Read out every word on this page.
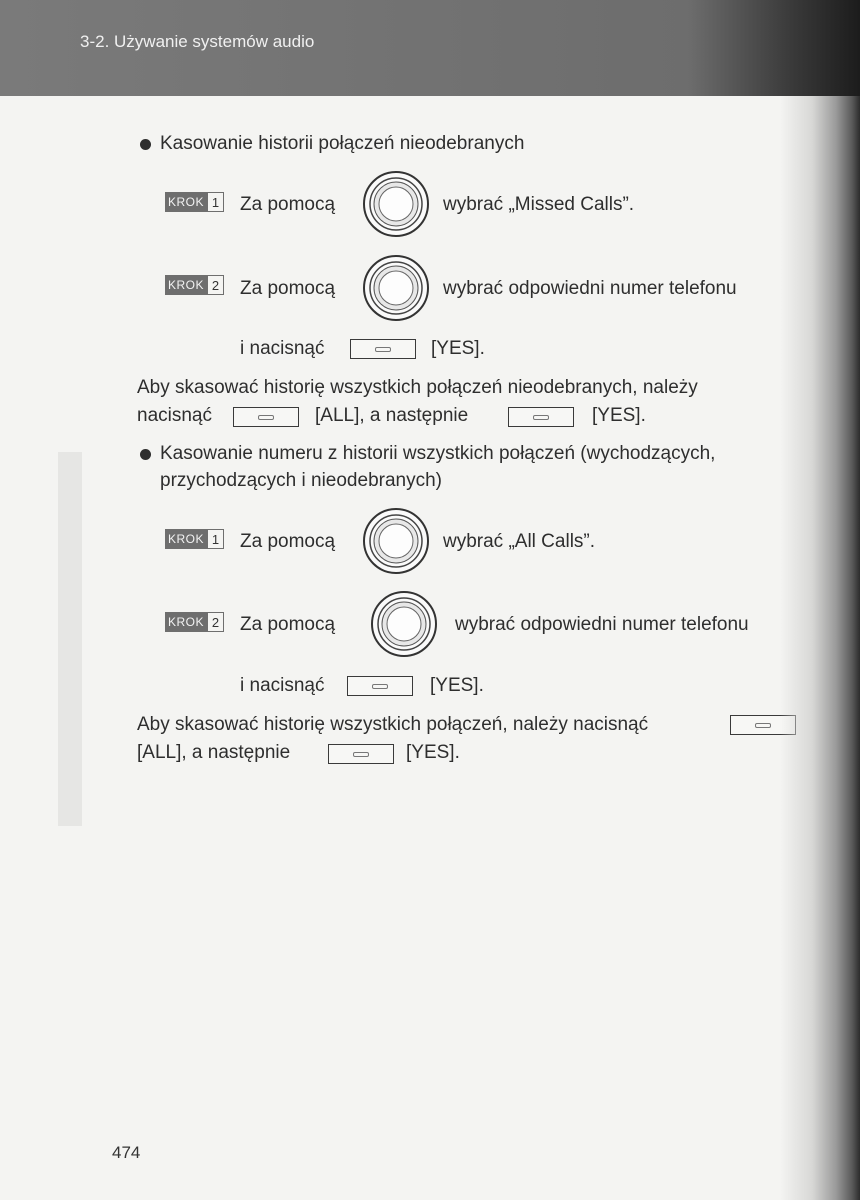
3-2. Używanie systemów audio
Kasowanie historii połączeń nieodebranych
KROK 1 Za pomocą	wybrać „Missed Calls”.
KROK 2 Za pomocą	wybrać odpowiedni numer telefonu
i nacisnąć	[YES].
Aby skasować historię wszystkich połączeń nieodebranych, należy
nacisnąć	[ALL], a następnie	[YES].
Kasowanie numeru z historii wszystkich połączeń (wychodzących,
przychodzących i nieodebranych)
KROK 1 Za pomocą	wybrać „All Calls”.
KROK 2 Za pomocą	wybrać odpowiedni numer telefonu
i nacisnąć	[YES].
Aby skasować historię wszystkich połączeń, należy nacisnąć
[ALL], a następnie	[YES].
474
